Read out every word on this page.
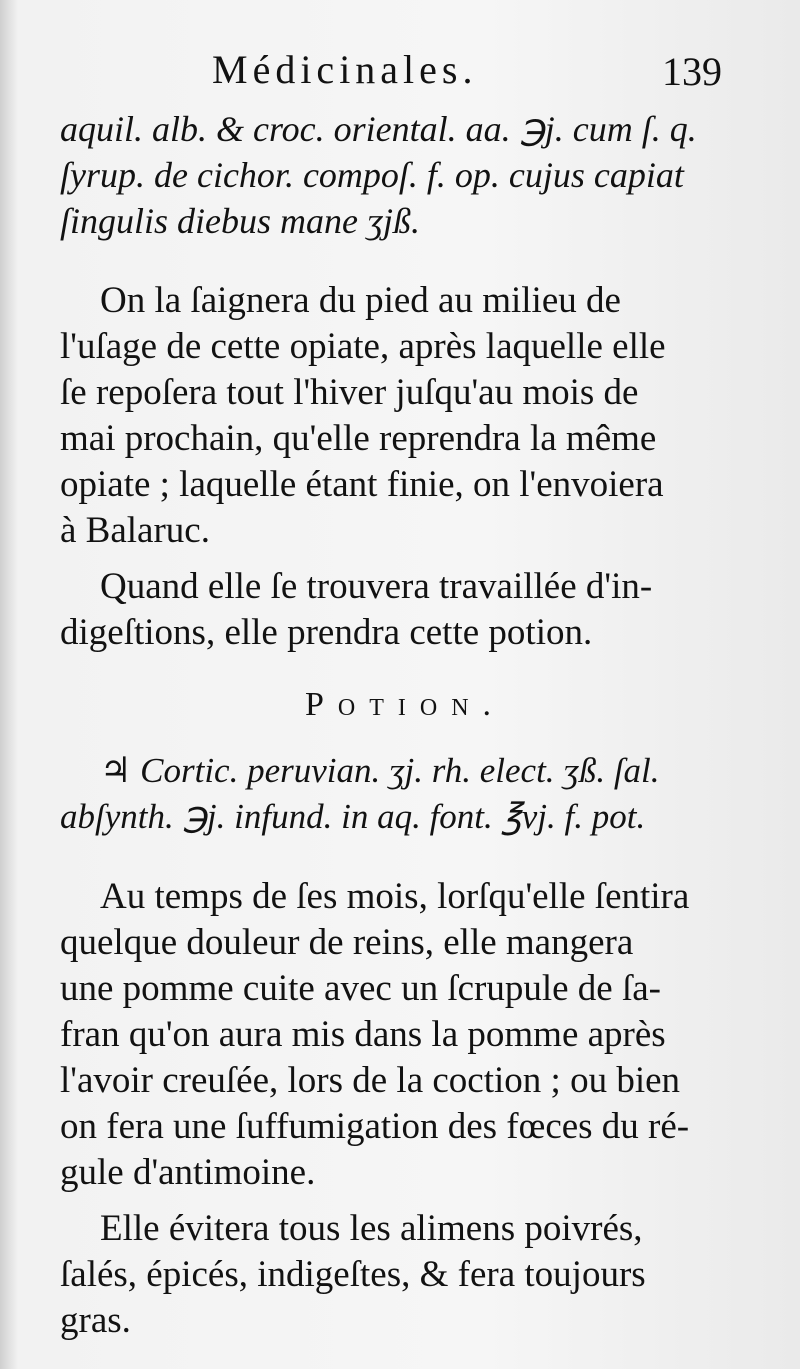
Médicinales.	139
aquil. alb. & croc. oriental. aa. ℈j. cum ſ. q.
ſyrup. de cichor. compoſ. f. op. cujus capiat
ſingulis diebus mane ʒjß.

On la ſaignera du pied au milieu de
l'uſage de cette opiate, après laquelle elle
ſe repoſera tout l'hiver juſqu'au mois de
mai prochain, qu'elle reprendra la même
opiate ; laquelle étant finie, on l'envoiera
à Balaruc.

Quand elle ſe trouvera travaillée d'in-
digeſtions, elle prendra cette potion.

Potion.
♃ Cortic. peruvian. ʒj. rh. elect. ʒß. ſal.
abſynth. ℈j. infund. in aq. font. ℥vj. f. pot.

Au temps de ſes mois, lorſqu'elle ſentira
quelque douleur de reins, elle mangera
une pomme cuite avec un ſcrupule de ſa-
fran qu'on aura mis dans la pomme après
l'avoir creuſée, lors de la coction ; ou bien
on fera une ſuffumigation des fœces du ré-
gule d'antimoine.

Elle évitera tous les alimens poivrés,
ſalés, épicés, indigeſtes, & fera toujours
gras.
